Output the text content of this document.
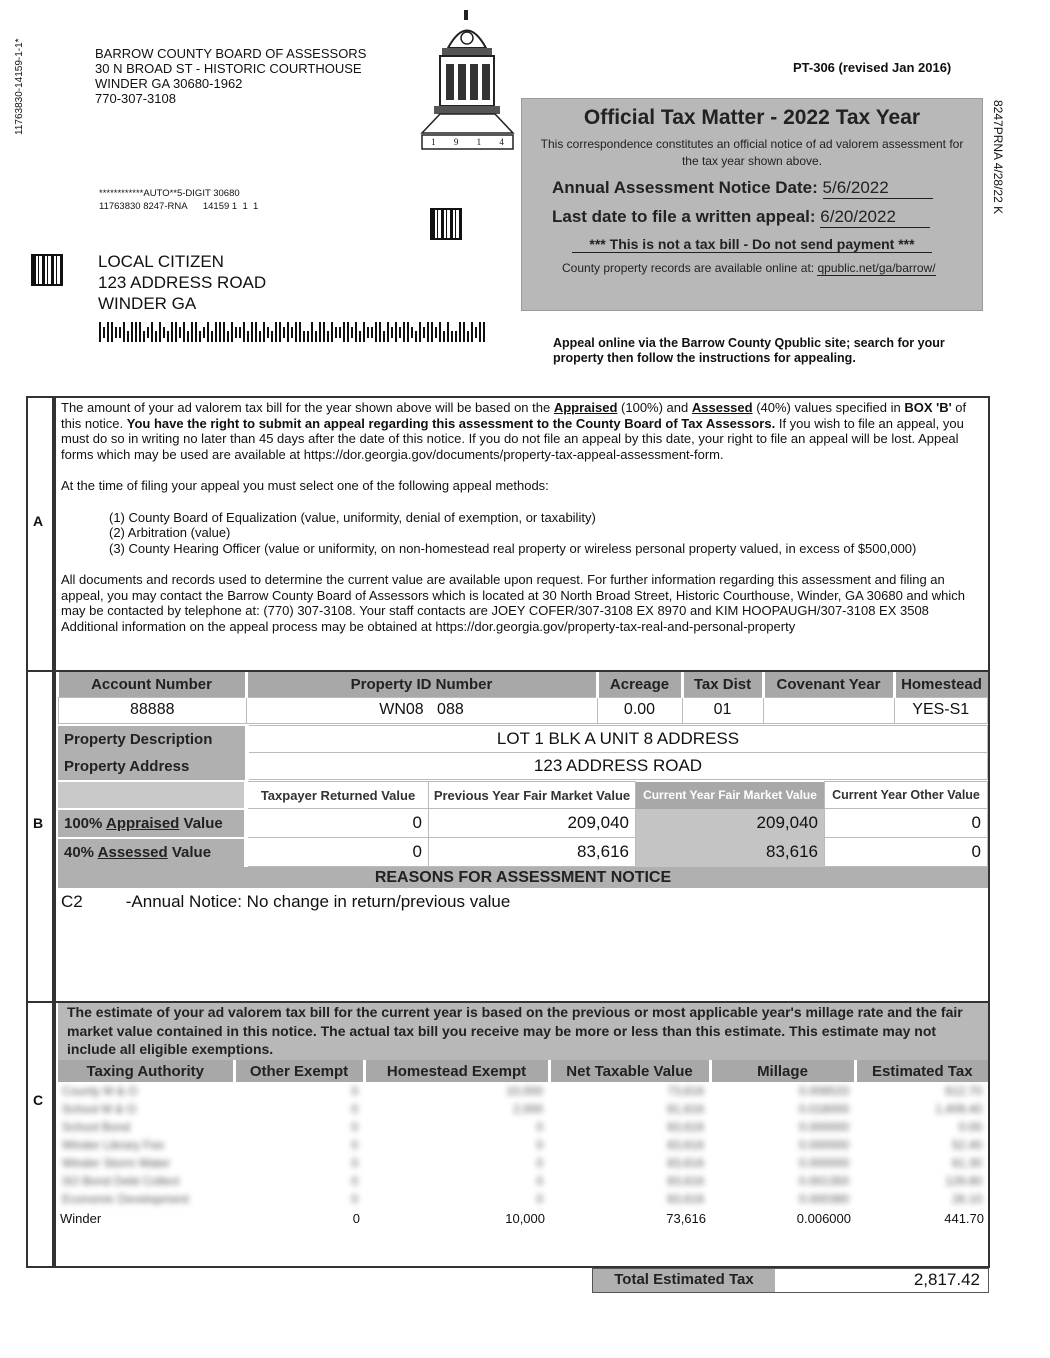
11763830-14159-1-1*
8247PRNA 4/28/22 K
BARROW COUNTY BOARD OF ASSESSORS
30 N BROAD ST - HISTORIC COURTHOUSE
WINDER GA 30680-1962
770-307-3108
1 9 1 4
PT-306 (revised Jan 2016)
************AUTO**5-DIGIT 30680
11763830 8247-RNA      14159 1  1  1
LOCAL CITIZEN
123 ADDRESS ROAD
WINDER GA
Official Tax Matter - 2022 Tax Year
This correspondence constitutes an official notice of ad valorem assessment for the tax year shown above.
Annual Assessment Notice Date: 5/6/2022
Last date to file a written appeal: 6/20/2022
*** This is not a tax bill - Do not send payment ***
County property records are available online at: qpublic.net/ga/barrow/
Appeal online via the Barrow County Qpublic site; search for your property then follow the instructions for appealing.
A
The amount of your ad valorem tax bill for the year shown above will be based on the Appraised (100%) and Assessed (40%) values specified in BOX 'B' of this notice. You have the right to submit an appeal regarding this assessment to the County Board of Tax Assessors. If you wish to file an appeal, you must do so in writing no later than 45 days after the date of this notice. If you do not file an appeal by this date, your right to file an appeal will be lost. Appeal forms which may be used are available at https://dor.georgia.gov/documents/property-tax-appeal-assessment-form.
At the time of filing your appeal you must select one of the following appeal methods:
(1) County Board of Equalization (value, uniformity, denial of exemption, or taxability)
(2) Arbitration (value)
(3) County Hearing Officer (value or uniformity, on non-homestead real property or wireless personal property valued, in excess of $500,000)
All documents and records used to determine the current value are available upon request. For further information regarding this assessment and filing an appeal, you may contact the Barrow County Board of Assessors which is located at 30 North Broad Street, Historic Courthouse, Winder, GA 30680 and which may be contacted by telephone at: (770) 307-3108. Your staff contacts are JOEY COFER/307-3108 EX 8970 and KIM HOOPAUGH/307-3108 EX 3508
Additional information on the appeal process may be obtained at https://dor.georgia.gov/property-tax-real-and-personal-property
B
Account Number	Property ID Number	Acreage	Tax Dist	Covenant Year	Homestead
88888	WN08   088	0.00	01		YES-S1
Property Description	LOT 1 BLK A UNIT 8 ADDRESS
Property Address	123 ADDRESS ROAD
	Taxpayer Returned Value	Previous Year Fair Market Value	Current Year Fair Market Value	Current Year Other Value
100% Appraised Value	0	209,040	209,040	0
40% Assessed Value	0	83,616	83,616	0
REASONS FOR ASSESSMENT NOTICE
C2	-Annual Notice: No change in return/previous value
C
The estimate of your ad valorem tax bill for the current year is based on the previous or most applicable year's millage rate and the fair market value contained in this notice. The actual tax bill you receive may be more or less than this estimate. This estimate may not include all eligible exemptions.
Taxing Authority	Other Exempt	Homestead Exempt	Net Taxable Value	Millage	Estimated Tax
County M & O	0	10,000	73,616	0.008533	612.70
School M & O	0	2,000	81,616	0.018000	1,409.40
School Bond	0	0	83,616	0.000000	0.00
Winder Library Fee	0	0	83,616	0.000000	52.40
Winder Storm Water	0	0	83,616	0.000000	61.30
SO Bond Debt Collect	0	0	83,616	0.001350	129.80
Economic Development	0	0	83,616	0.000380	26.10
Winder	0	10,000	73,616	0.006000	441.70
Total Estimated Tax	2,817.42
